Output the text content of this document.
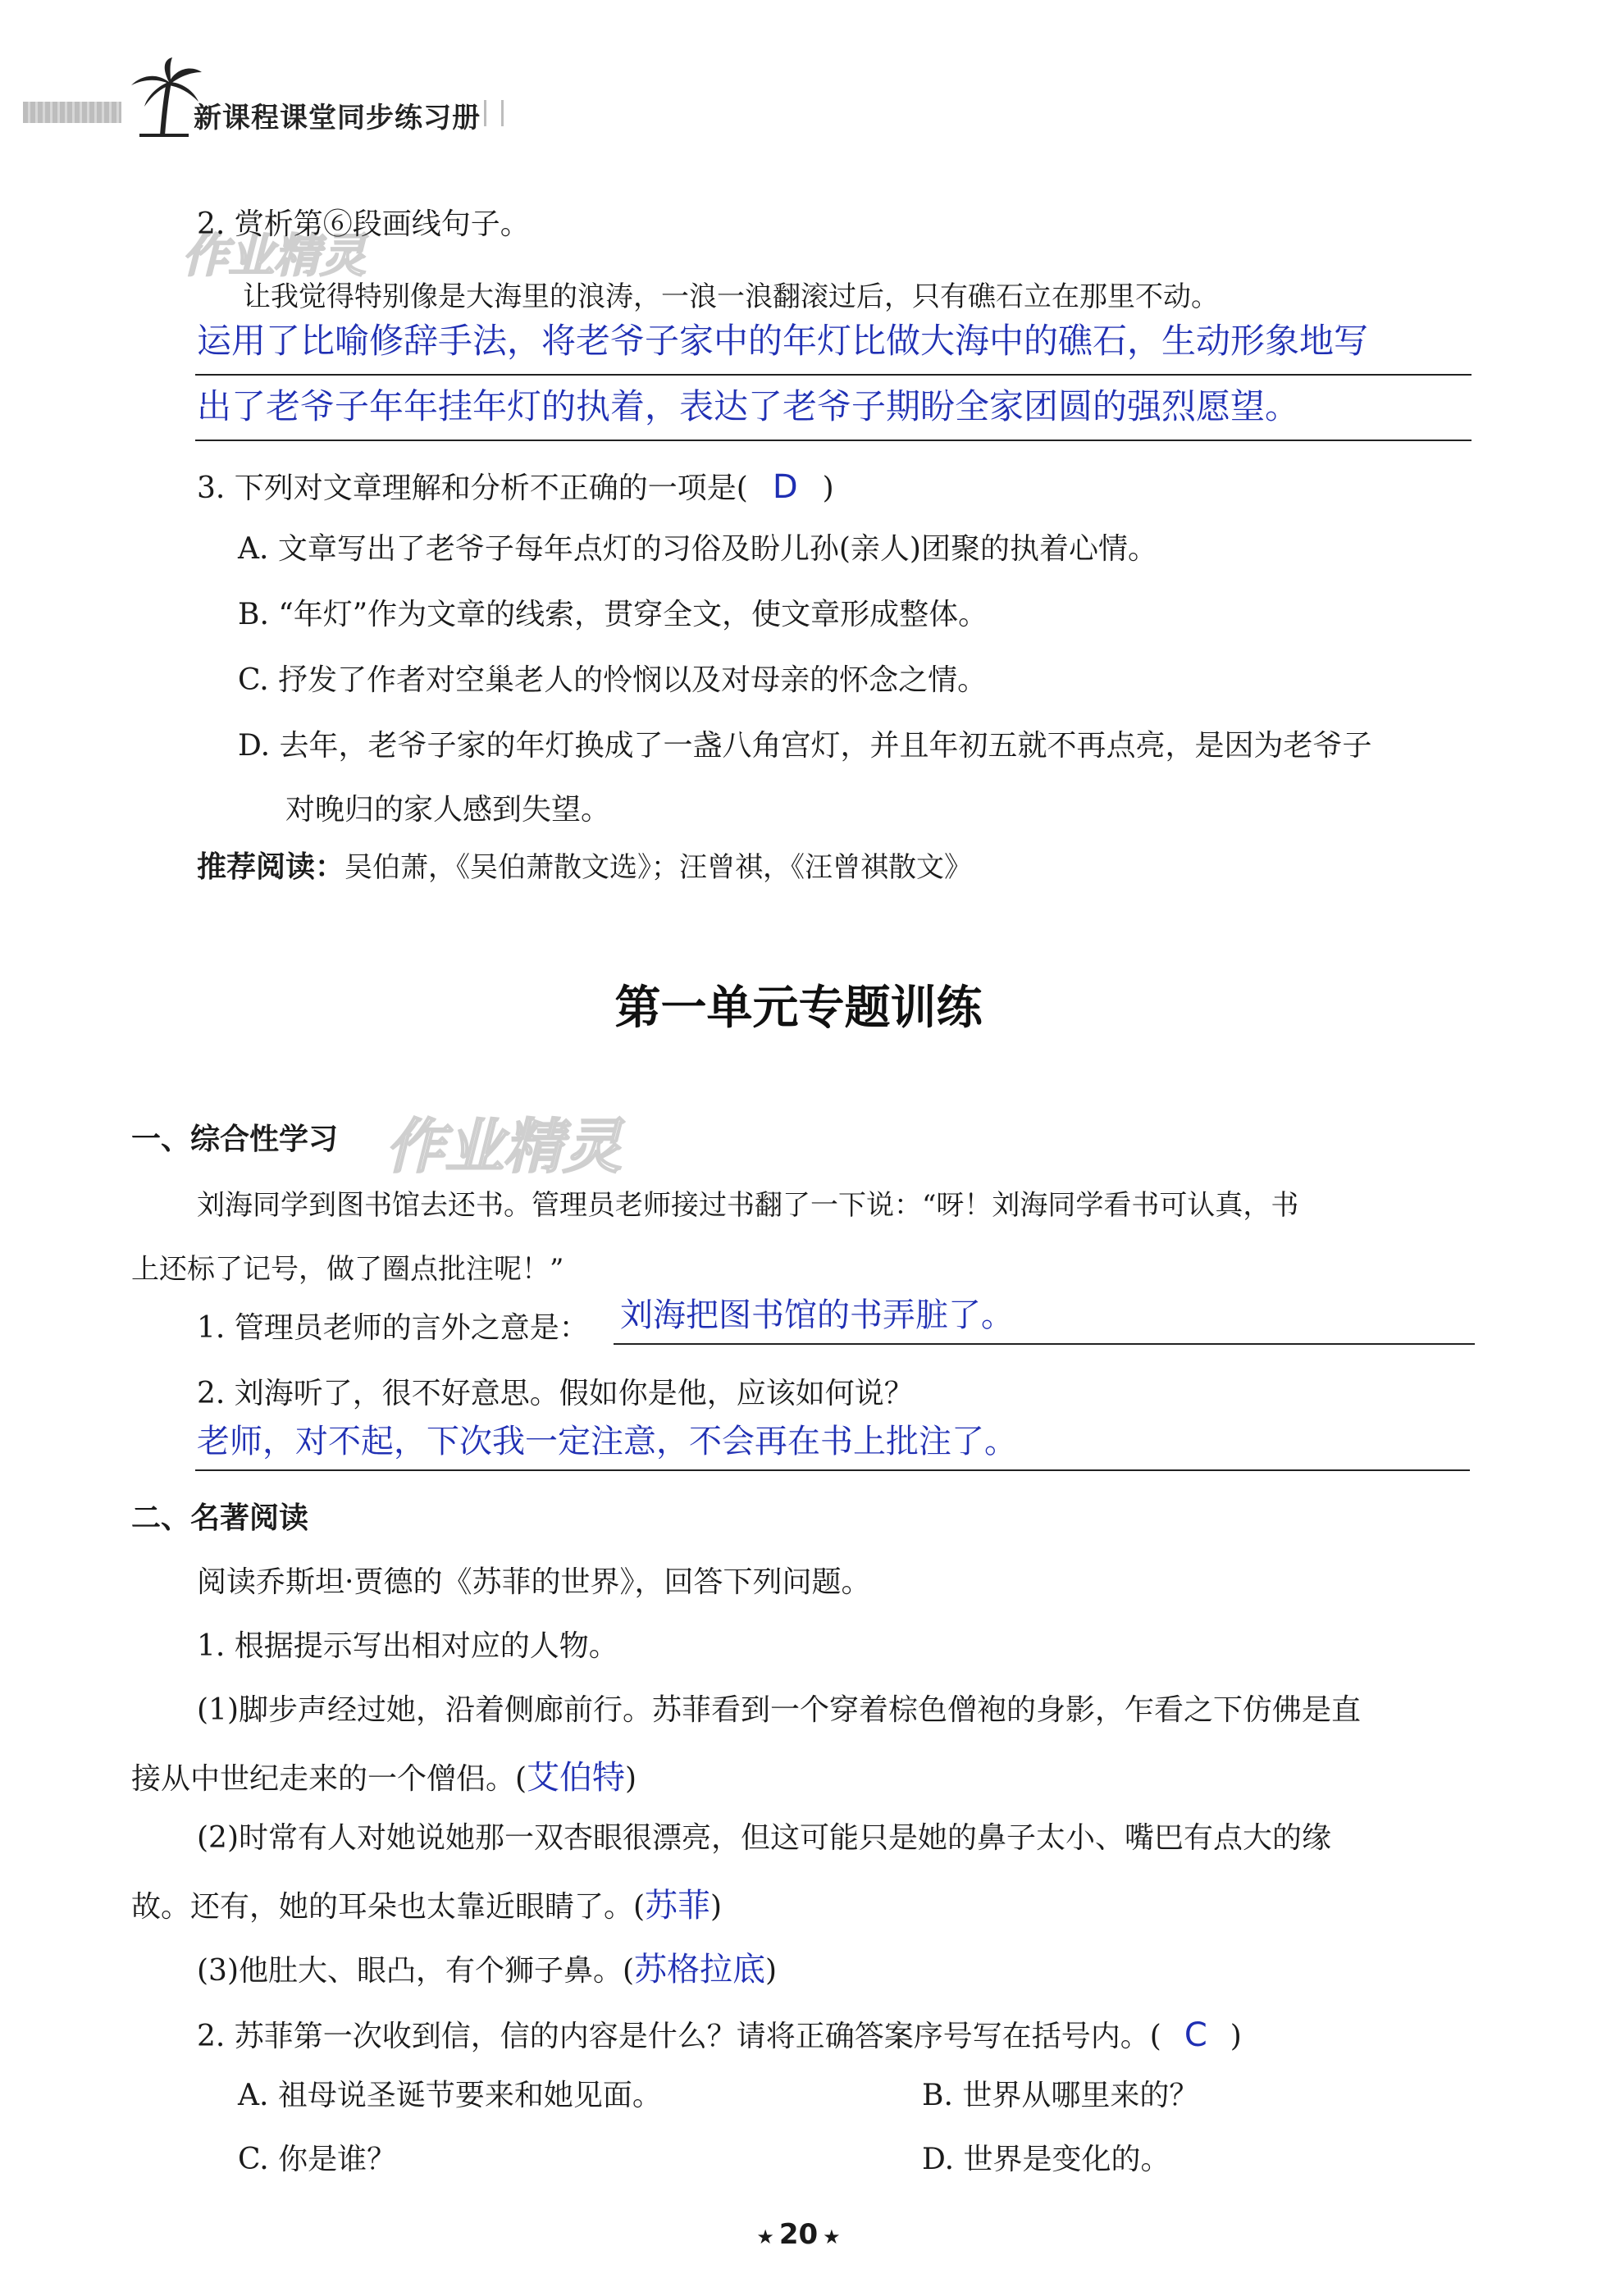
新课程课堂同步练习册
作业精灵
作业精灵
2. 赏析第⑥段画线句子。
让我觉得特别像是大海里的浪涛，一浪一浪翻滚过后，只有礁石立在那里不动。
运用了比喻修辞手法，将老爷子家中的年灯比做大海中的礁石，生动形象地写
出了老爷子年年挂年灯的执着，表达了老爷子期盼全家团圆的强烈愿望。
3. 下列对文章理解和分析不正确的一项是( D )
A. 文章写出了老爷子每年点灯的习俗及盼儿孙(亲人)团聚的执着心情。
B. “年灯”作为文章的线索，贯穿全文，使文章形成整体。
C. 抒发了作者对空巢老人的怜悯以及对母亲的怀念之情。
D. 去年，老爷子家的年灯换成了一盏八角宫灯，并且年初五就不再点亮，是因为老爷子
对晚归的家人感到失望。
推荐阅读：吴伯萧，《吴伯萧散文选》；汪曾祺，《汪曾祺散文》
第一单元专题训练
一、综合性学习
刘海同学到图书馆去还书。管理员老师接过书翻了一下说：“呀！刘海同学看书可认真，书
上还标了记号，做了圈点批注呢！”
1. 管理员老师的言外之意是： 刘海把图书馆的书弄脏了。
2. 刘海听了，很不好意思。假如你是他，应该如何说？
老师，对不起，下次我一定注意，不会再在书上批注了。
二、名著阅读
阅读乔斯坦·贾德的《苏菲的世界》，回答下列问题。
1. 根据提示写出相对应的人物。
(1)脚步声经过她，沿着侧廊前行。苏菲看到一个穿着棕色僧袍的身影，乍看之下仿佛是直
接从中世纪走来的一个僧侣。(艾伯特)
(2)时常有人对她说她那一双杏眼很漂亮，但这可能只是她的鼻子太小、嘴巴有点大的缘
故。还有，她的耳朵也太靠近眼睛了。(苏菲)
(3)他肚大、眼凸，有个狮子鼻。(苏格拉底)
2. 苏菲第一次收到信，信的内容是什么？请将正确答案序号写在括号内。( C )
A. 祖母说圣诞节要来和她见面。	B. 世界从哪里来的？
C. 你是谁？	D. 世界是变化的。
★ 20 ★
